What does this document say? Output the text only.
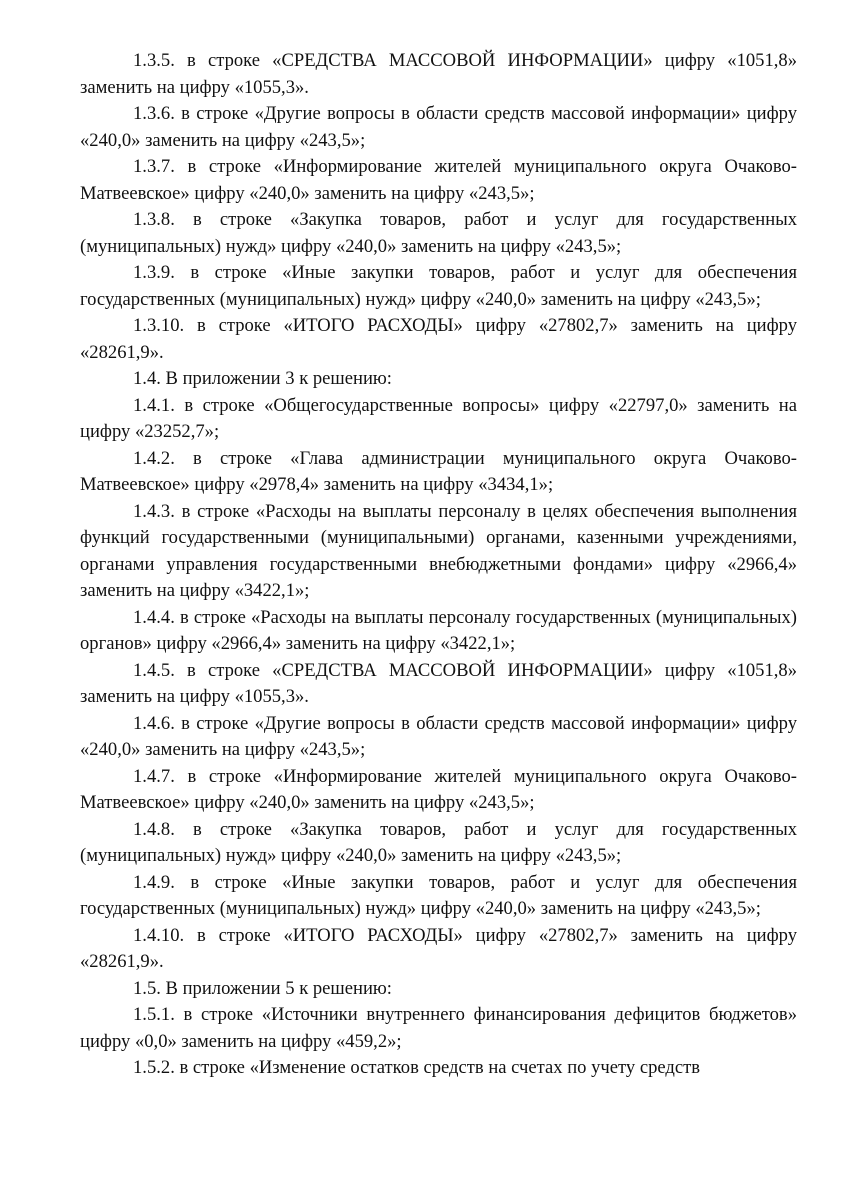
1.3.5. в строке «СРЕДСТВА МАССОВОЙ ИНФОРМАЦИИ» цифру «1051,8» заменить на цифру «1055,3».

1.3.6. в строке «Другие вопросы в области средств массовой информации» цифру «240,0» заменить на цифру «243,5»;

1.3.7. в строке «Информирование жителей муниципального округа Очаково-Матвеевское» цифру «240,0» заменить на цифру «243,5»;

1.3.8. в строке «Закупка товаров, работ и услуг для государственных (муниципальных) нужд» цифру «240,0» заменить на цифру «243,5»;

1.3.9. в строке «Иные закупки товаров, работ и услуг для обеспечения государственных (муниципальных) нужд» цифру «240,0» заменить на цифру «243,5»;

1.3.10. в строке «ИТОГО РАСХОДЫ» цифру «27802,7» заменить на цифру «28261,9».

1.4. В приложении 3 к решению:

1.4.1. в строке «Общегосударственные вопросы» цифру «22797,0» заменить на цифру «23252,7»;

1.4.2. в строке «Глава администрации муниципального округа Очаково-Матвеевское» цифру «2978,4» заменить на цифру «3434,1»;

1.4.3. в строке «Расходы на выплаты персоналу в целях обеспечения выполнения функций государственными (муниципальными) органами, казенными учреждениями, органами управления государственными внебюджетными фондами» цифру «2966,4» заменить на цифру «3422,1»;

1.4.4. в строке «Расходы на выплаты персоналу государственных (муниципальных) органов» цифру «2966,4» заменить на цифру «3422,1»;

1.4.5. в строке «СРЕДСТВА МАССОВОЙ ИНФОРМАЦИИ» цифру «1051,8» заменить на цифру «1055,3».

1.4.6. в строке «Другие вопросы в области средств массовой информации» цифру «240,0» заменить на цифру «243,5»;

1.4.7. в строке «Информирование жителей муниципального округа Очаково-Матвеевское» цифру «240,0» заменить на цифру «243,5»;

1.4.8. в строке «Закупка товаров, работ и услуг для государственных (муниципальных) нужд» цифру «240,0» заменить на цифру «243,5»;

1.4.9. в строке «Иные закупки товаров, работ и услуг для обеспечения государственных (муниципальных) нужд» цифру «240,0» заменить на цифру «243,5»;

1.4.10. в строке «ИТОГО РАСХОДЫ» цифру «27802,7» заменить на цифру «28261,9».

1.5. В приложении 5 к решению:

1.5.1. в строке «Источники внутреннего финансирования дефицитов бюджетов» цифру «0,0» заменить на цифру «459,2»;

1.5.2. в строке «Изменение остатков средств на счетах по учету средств
